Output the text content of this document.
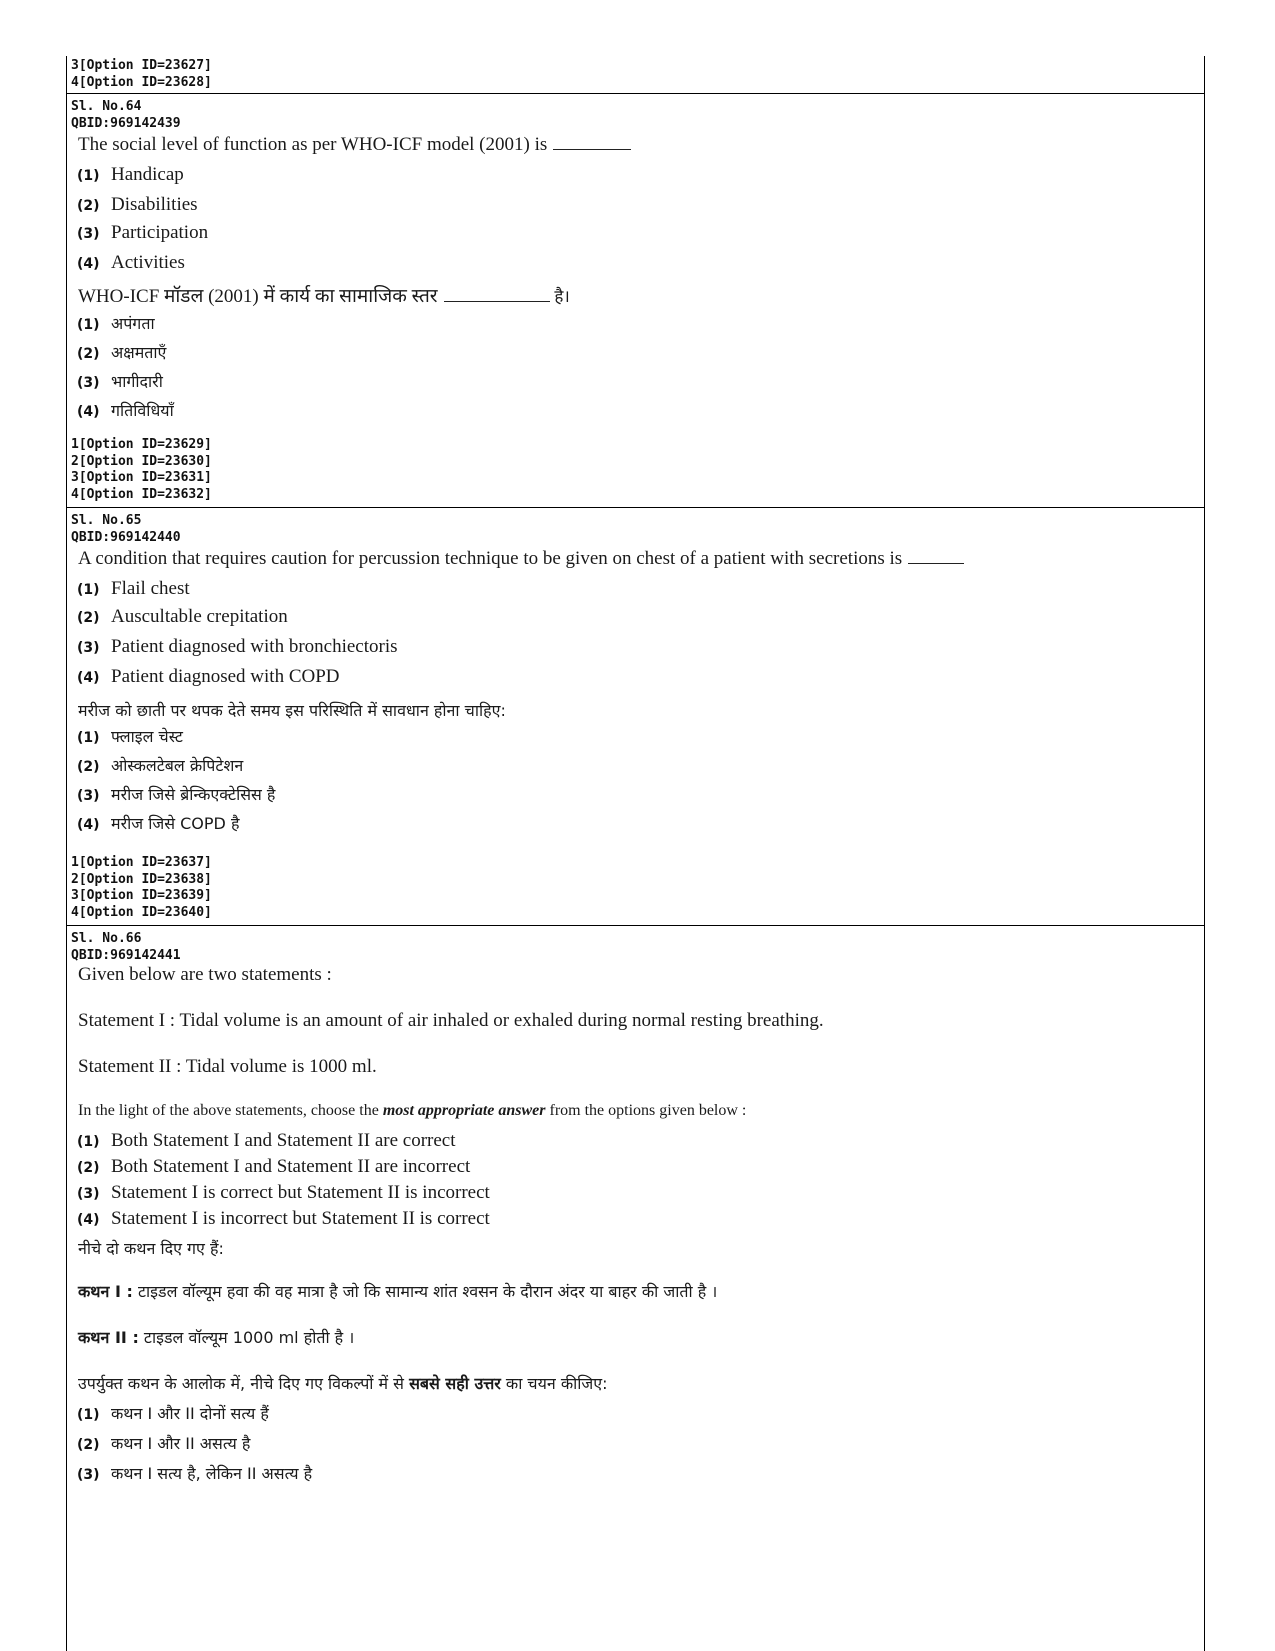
3[Option ID=23627]
4[Option ID=23628]
Sl. No.64
QBID:969142439
The social level of function as per WHO-ICF model (2001) is
(1) Handicap
(2) Disabilities
(3) Participation
(4) Activities
WHO-ICF मॉडल (2001) में कार्य का सामाजिक स्तर	है।
(1) अपंगता
(2) अक्षमताएँ
(3) भागीदारी
(4) गतिविधियाँ
1[Option ID=23629]
2[Option ID=23630]
3[Option ID=23631]
4[Option ID=23632]
Sl. No.65
QBID:969142440
A condition that requires caution for percussion technique to be given on chest of a patient with secretions is
(1) Flail chest
(2) Auscultable crepitation
(3) Patient diagnosed with bronchiectoris
(4) Patient diagnosed with COPD
मरीज को छाती पर थपक देते समय इस परिस्थिति में सावधान होना चाहिए:
(1) फ्लाइल चेस्ट
(2) ओस्कलटेबल क्रेपिटेशन
(3) मरीज जिसे ब्रेन्किएक्टेसिस है
(4) मरीज जिसे COPD है
1[Option ID=23637]
2[Option ID=23638]
3[Option ID=23639]
4[Option ID=23640]
Sl. No.66
QBID:969142441
Given below are two statements :
Statement I : Tidal volume is an amount of air inhaled or exhaled during normal resting breathing.
Statement II : Tidal volume is 1000 ml.
In the light of the above statements, choose the most appropriate answer from the options given below :
(1) Both Statement I and Statement II are correct
(2) Both Statement I and Statement II are incorrect
(3) Statement I is correct but Statement II is incorrect
(4) Statement I is incorrect but Statement II is correct
नीचे दो कथन दिए गए हैं:
कथन I : टाइडल वॉल्यूम हवा की वह मात्रा है जो कि सामान्य शांत श्वसन के दौरान अंदर या बाहर की जाती है ।
कथन II : टाइडल वॉल्यूम 1000 ml होती है ।
उपर्युक्त कथन के आलोक में, नीचे दिए गए विकल्पों में से सबसे सही उत्तर का चयन कीजिए:
(1) कथन I और II दोनों सत्य हैं
(2) कथन I और II असत्य है
(3) कथन I सत्य है, लेकिन II असत्य है
